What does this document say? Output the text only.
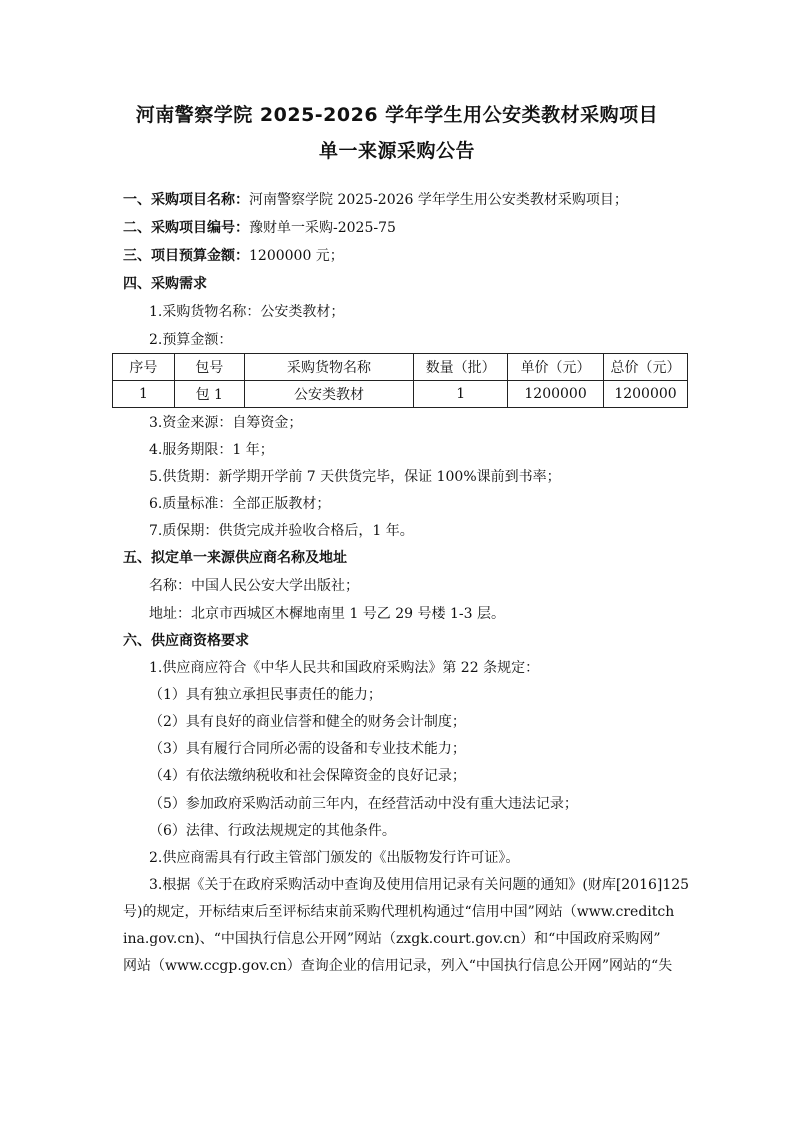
河南警察学院 2025-2026 学年学生用公安类教材采购项目
单一来源采购公告
一、采购项目名称：河南警察学院 2025-2026 学年学生用公安类教材采购项目；
二、采购项目编号：豫财单一采购-2025-75
三、项目预算金额：1200000 元；
四、采购需求
1.采购货物名称：公安类教材；
2.预算金额：
序号	包号	采购货物名称	数量（批）	单价（元）	总价（元）
1	包 1	公安类教材	1	1200000	1200000
3.资金来源：自筹资金；
4.服务期限：1 年；
5.供货期：新学期开学前 7 天供货完毕，保证 100%课前到书率；
6.质量标准：全部正版教材；
7.质保期：供货完成并验收合格后，1 年。
五、拟定单一来源供应商名称及地址
名称：中国人民公安大学出版社；
地址：北京市西城区木樨地南里 1 号乙 29 号楼 1-3 层。
六、供应商资格要求
1.供应商应符合《中华人民共和国政府采购法》第 22 条规定：
（1）具有独立承担民事责任的能力；
（2）具有良好的商业信誉和健全的财务会计制度；
（3）具有履行合同所必需的设备和专业技术能力；
（4）有依法缴纳税收和社会保障资金的良好记录；
（5）参加政府采购活动前三年内，在经营活动中没有重大违法记录；
（6）法律、行政法规规定的其他条件。
2.供应商需具有行政主管部门颁发的《出版物发行许可证》。
3.根据《关于在政府采购活动中查询及使用信用记录有关问题的通知》(财库[2016]125
号)的规定，开标结束后至评标结束前采购代理机构通过“信用中国”网站（www.creditch
ina.gov.cn)、“中国执行信息公开网”网站（zxgk.court.gov.cn）和“中国政府采购网”
网站（www.ccgp.gov.cn）查询企业的信用记录，列入“中国执行信息公开网”网站的“失
